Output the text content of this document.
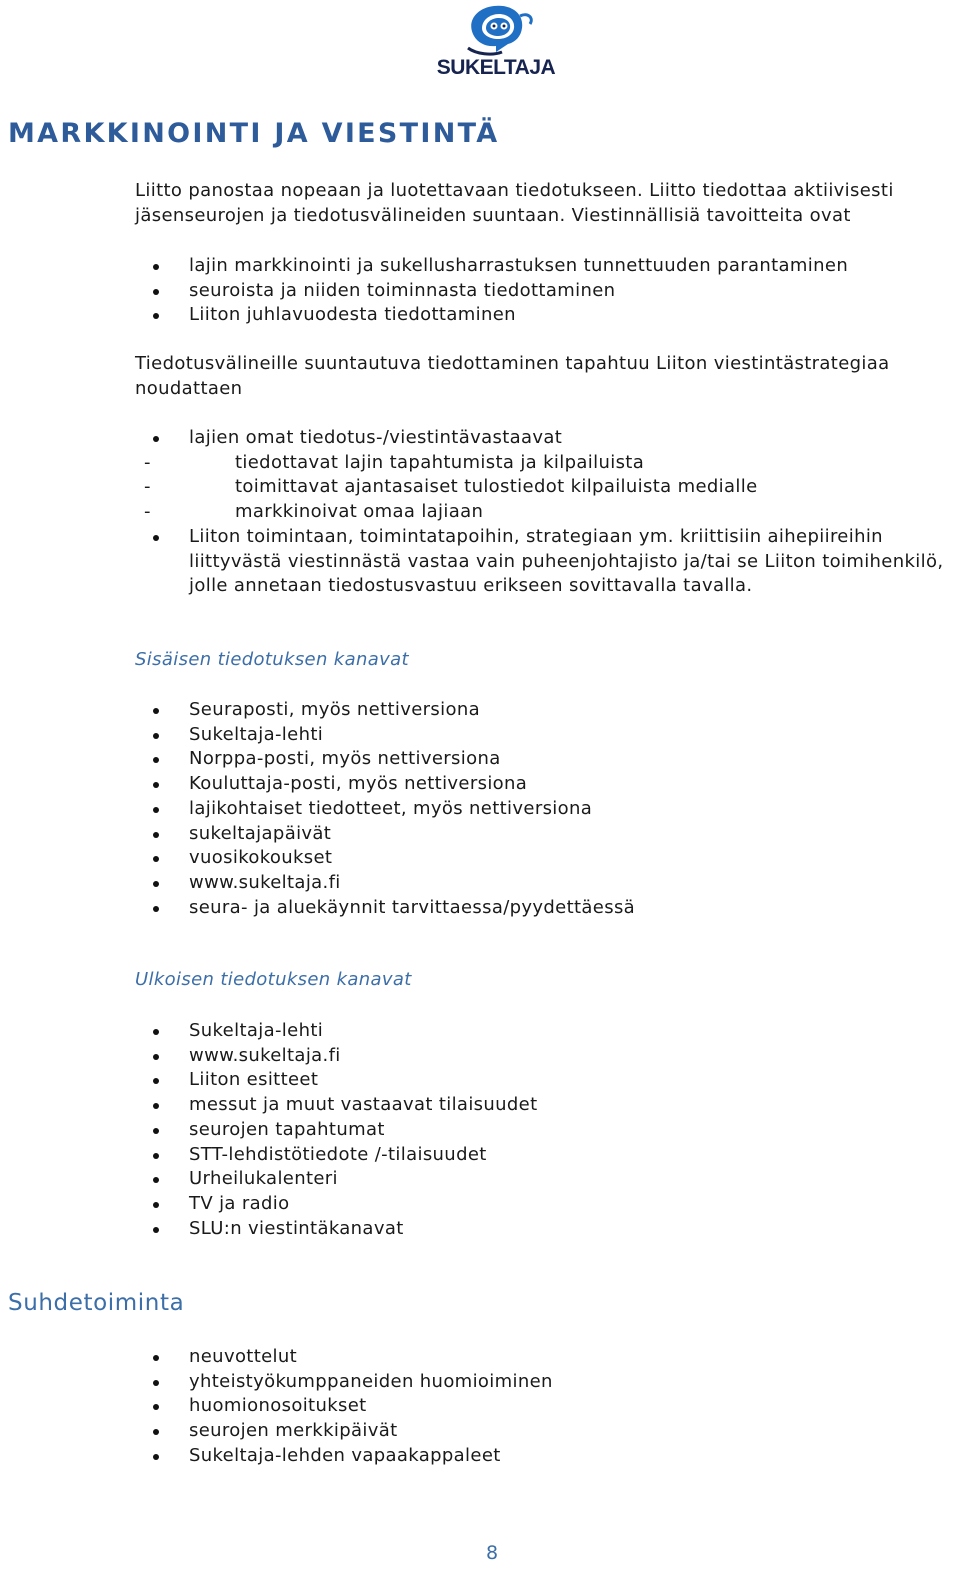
SUKELTAJA
MARKKINOINTI JA VIESTINTÄ

Liitto panostaa nopeaan ja luotettavaan tiedotukseen. Liitto tiedottaa aktiivisesti jäsenseurojen ja tiedotusvälineiden suuntaan. Viestinnällisiä tavoitteita ovat

lajin markkinointi ja sukellusharrastuksen tunnettuuden parantaminen
seuroista ja niiden toiminnasta tiedottaminen
Liiton juhlavuodesta tiedottaminen

Tiedotusvälineille suuntautuva tiedottaminen tapahtuu Liiton viestintästrategiaa noudattaen

lajien omat tiedotus-/viestintävastaavat
-	tiedottavat lajin tapahtumista ja kilpailuista
-	toimittavat ajantasaiset tulostiedot kilpailuista medialle
-	markkinoivat omaa lajiaan
Liiton toimintaan, toimintatapoihin, strategiaan ym. kriittisiin aihepiireihin liittyvästä viestinnästä vastaa vain puheenjohtajisto ja/tai se Liiton toimihenkilö, jolle annetaan tiedostusvastuu erikseen sovittavalla tavalla.
Sisäisen tiedotuksen kanavat
Seuraposti, myös nettiversiona
Sukeltaja-lehti
Norppa-posti, myös nettiversiona
Kouluttaja-posti, myös nettiversiona
lajikohtaiset tiedotteet, myös nettiversiona
sukeltajapäivät
vuosikokoukset
www.sukeltaja.fi
seura- ja aluekäynnit tarvittaessa/pyydettäessä
Ulkoisen tiedotuksen kanavat
Sukeltaja-lehti
www.sukeltaja.fi
Liiton esitteet
messut ja muut vastaavat tilaisuudet
seurojen tapahtumat
STT-lehdistötiedote /-tilaisuudet
Urheilukalenteri
TV ja radio
SLU:n viestintäkanavat
Suhdetoiminta
neuvottelut
yhteistyökumppaneiden huomioiminen
huomionosoitukset
seurojen merkkipäivät
Sukeltaja-lehden vapaakappaleet
8
